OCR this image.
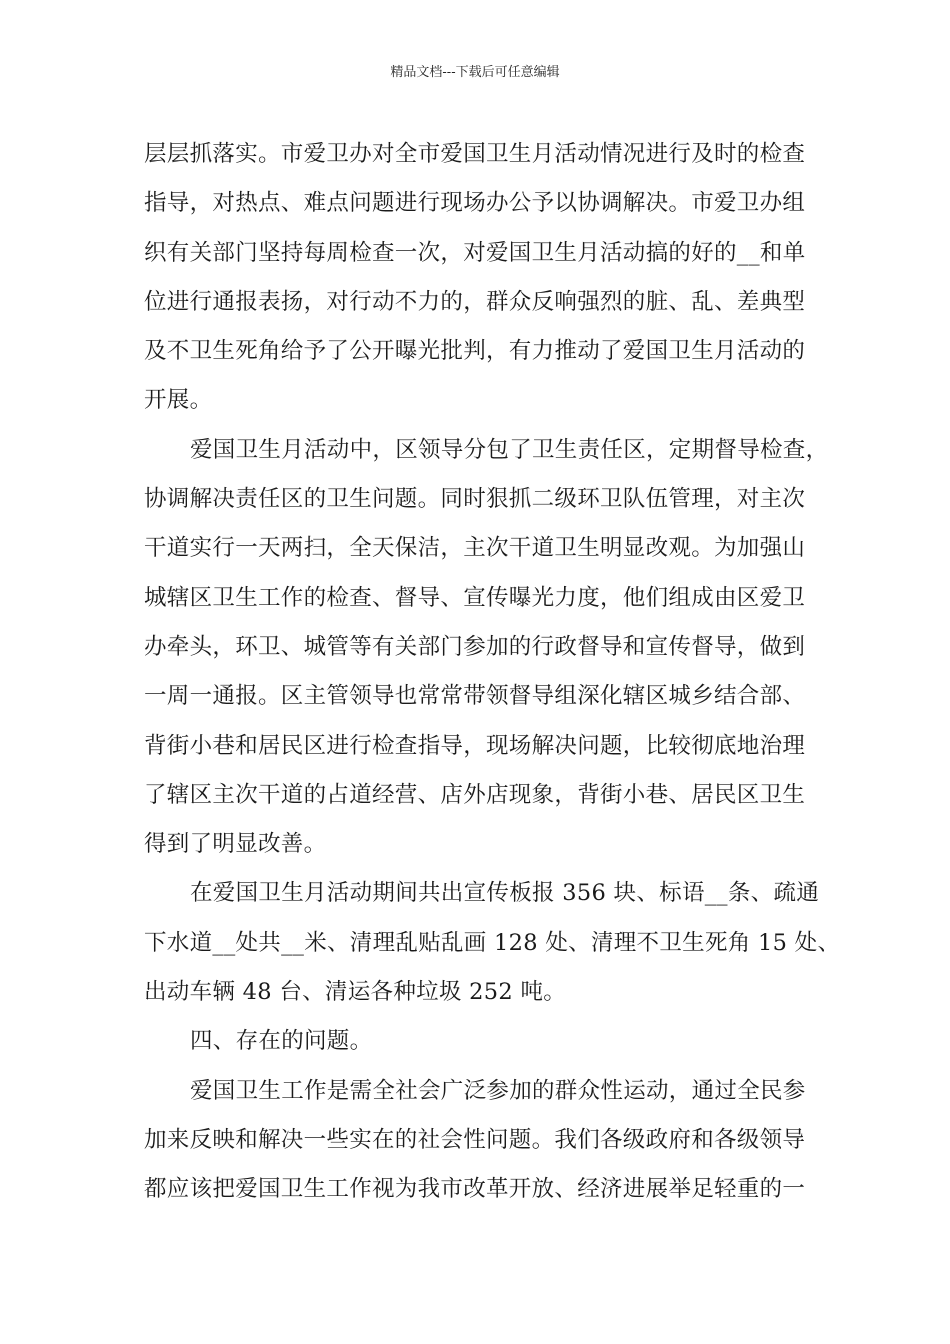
精品文档---下载后可任意编辑
层层抓落实。市爱卫办对全市爱国卫生月活动情况进行及时的检查
指导，对热点、难点问题进行现场办公予以协调解决。市爱卫办组
织有关部门坚持每周检查一次，对爱国卫生月活动搞的好的__和单
位进行通报表扬，对行动不力的，群众反响强烈的脏、乱、差典型
及不卫生死角给予了公开曝光批判，有力推动了爱国卫生月活动的
开展。
爱国卫生月活动中，区领导分包了卫生责任区，定期督导检查，
协调解决责任区的卫生问题。同时狠抓二级环卫队伍管理，对主次
干道实行一天两扫，全天保洁，主次干道卫生明显改观。为加强山
城辖区卫生工作的检查、督导、宣传曝光力度，他们组成由区爱卫
办牵头，环卫、城管等有关部门参加的行政督导和宣传督导，做到
一周一通报。区主管领导也常常带领督导组深化辖区城乡结合部、
背街小巷和居民区进行检查指导，现场解决问题，比较彻底地治理
了辖区主次干道的占道经营、店外店现象，背街小巷、居民区卫生
得到了明显改善。
在爱国卫生月活动期间共出宣传板报 356 块、标语__条、疏通
下水道__处共__米、清理乱贴乱画 128 处、清理不卫生死角 15 处、
出动车辆 48 台、清运各种垃圾 252 吨。
四、存在的问题。
爱国卫生工作是需全社会广泛参加的群众性运动，通过全民参
加来反映和解决一些实在的社会性问题。我们各级政府和各级领导
都应该把爱国卫生工作视为我市改革开放、经济进展举足轻重的一
